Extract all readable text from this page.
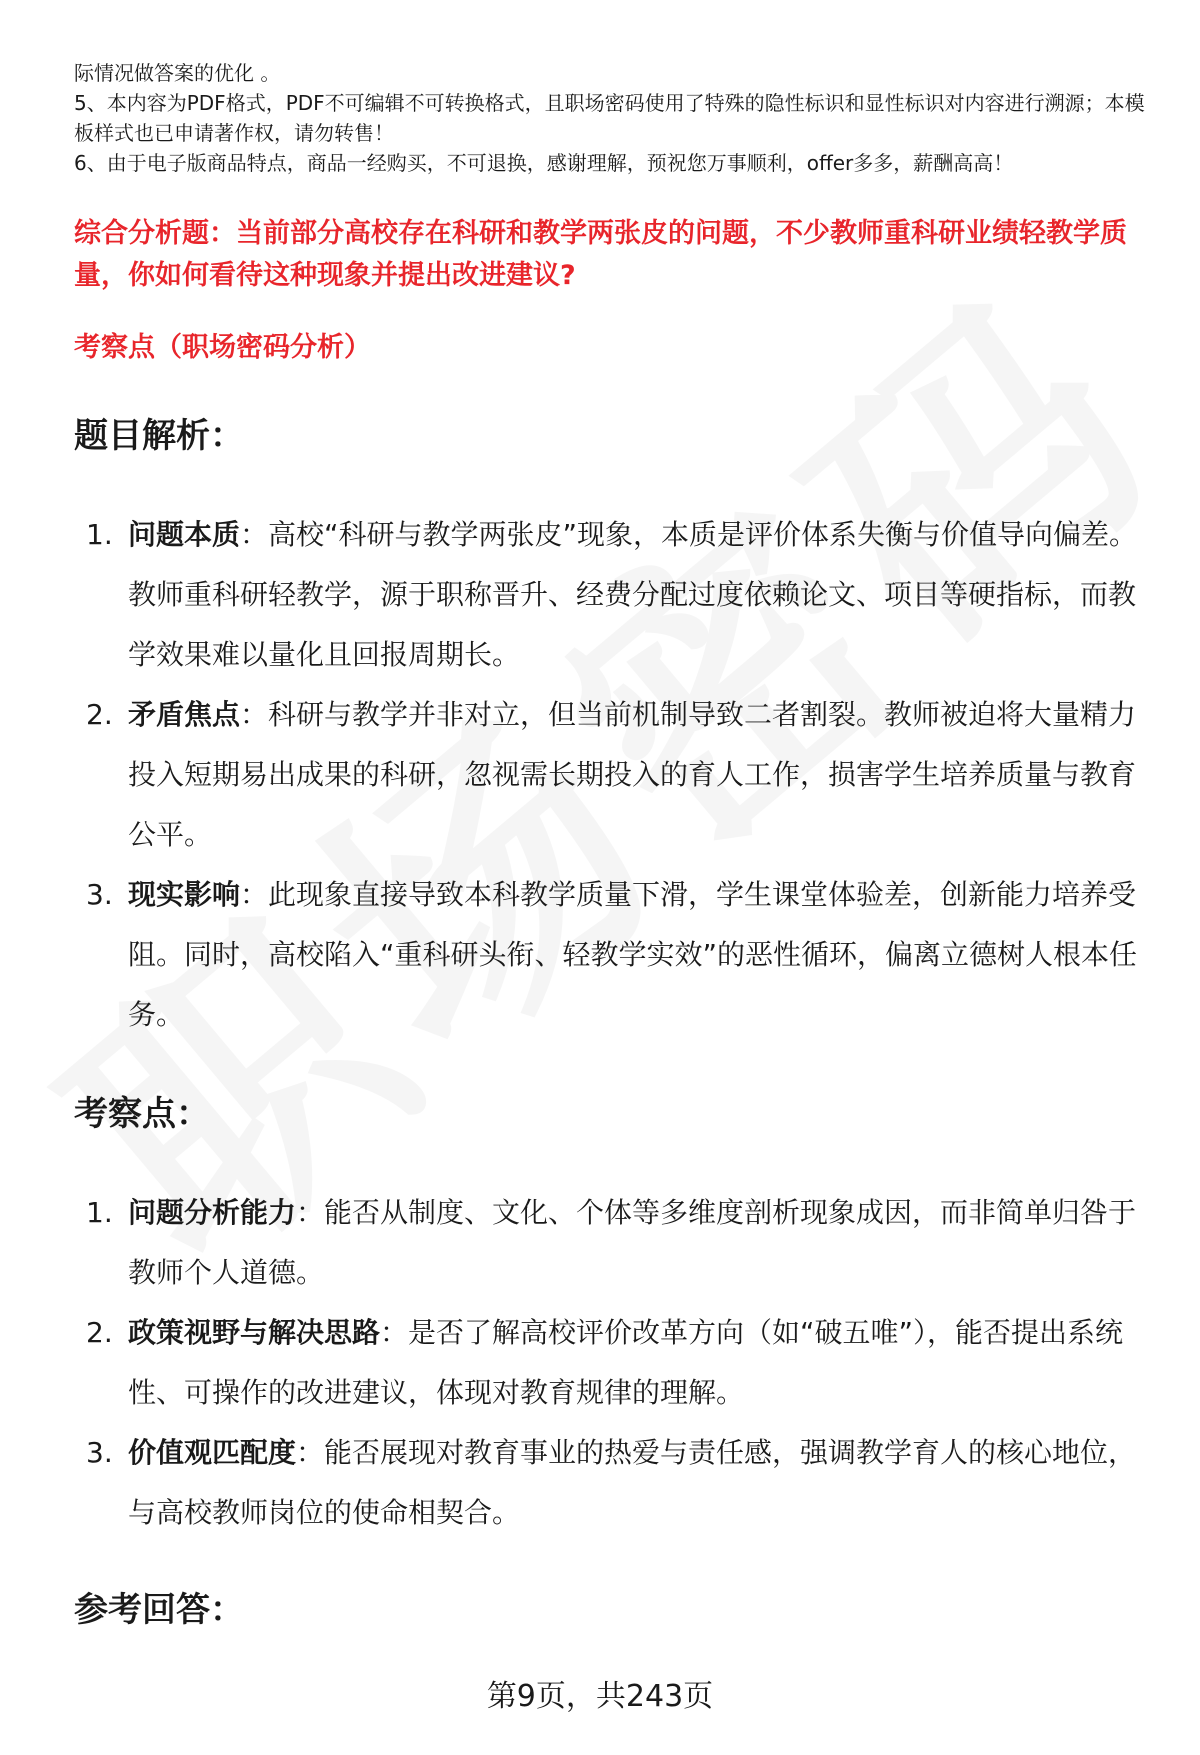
际情况做答案的优化 。

5、本内容为PDF格式，PDF不可编辑不可转换格式，且职场密码使用了特殊的隐性标识和显性标识对内容进行溯源；本模板样式也已申请著作权，请勿转售！

6、由于电子版商品特点，商品一经购买，不可退换，感谢理解，预祝您万事顺利，offer多多，薪酬高高！

综合分析题：当前部分高校存在科研和教学两张皮的问题，不少教师重科研业绩轻教学质量，你如何看待这种现象并提出改进建议?

考察点（职场密码分析）

题目解析：
1. 问题本质：高校“科研与教学两张皮”现象，本质是评价体系失衡与价值导向偏差。教师重科研轻教学，源于职称晋升、经费分配过度依赖论文、项目等硬指标，而教学效果难以量化且回报周期长。
2. 矛盾焦点：科研与教学并非对立，但当前机制导致二者割裂。教师被迫将大量精力投入短期易出成果的科研，忽视需长期投入的育人工作，损害学生培养质量与教育公平。
3. 现实影响：此现象直接导致本科教学质量下滑，学生课堂体验差，创新能力培养受阻。同时，高校陷入“重科研头衔、轻教学实效”的恶性循环，偏离立德树人根本任务。
考察点：
1. 问题分析能力：能否从制度、文化、个体等多维度剖析现象成因，而非简单归咎于教师个人道德。
2. 政策视野与解决思路：是否了解高校评价改革方向（如“破五唯”），能否提出系统性、可操作的改进建议，体现对教育规律的理解。
3. 价值观匹配度：能否展现对教育事业的热爱与责任感，强调教学育人的核心地位，与高校教师岗位的使命相契合。
参考回答：
第9页，共243页
